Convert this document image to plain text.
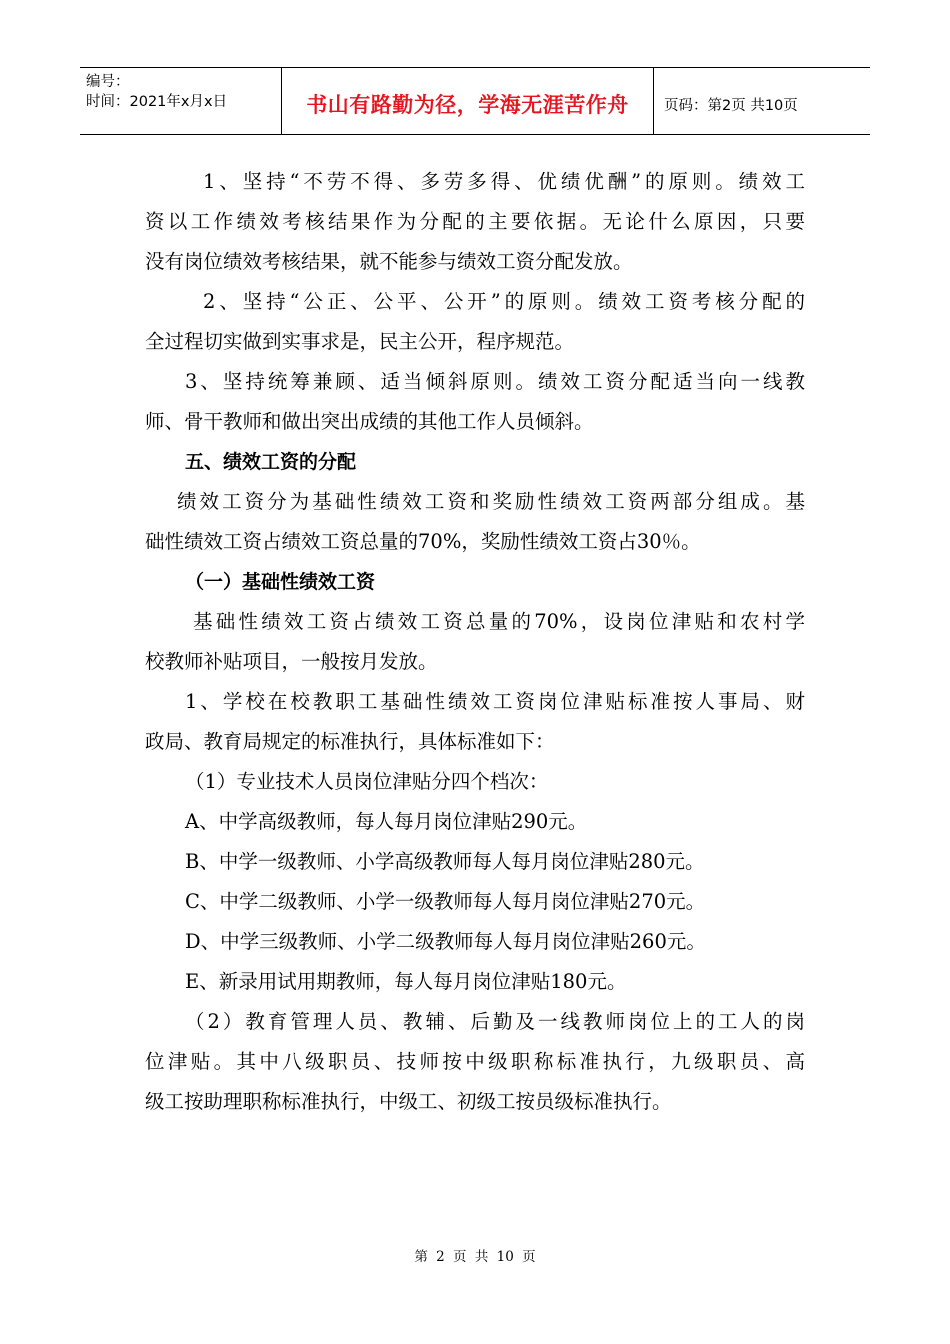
编号：
时间：2021年x月x日	书山有路勤为径，学海无涯苦作舟 页码：第2页 共10页
1、坚持“不劳不得、多劳多得、优绩优酬”的原则。绩效工
资以工作绩效考核结果作为分配的主要依据。无论什么原因，只要
没有岗位绩效考核结果，就不能参与绩效工资分配发放。
2、坚持“公正、公平、公开”的原则。绩效工资考核分配的
全过程切实做到实事求是，民主公开，程序规范。
3、坚持统筹兼顾、适当倾斜原则。绩效工资分配适当向一线教
师、骨干教师和做出突出成绩的其他工作人员倾斜。
五、绩效工资的分配
绩效工资分为基础性绩效工资和奖励性绩效工资两部分组成。基
础性绩效工资占绩效工资总量的70%，奖励性绩效工资占30％。
（一）基础性绩效工资
基础性绩效工资占绩效工资总量的70%，设岗位津贴和农村学
校教师补贴项目，一般按月发放。
1、学校在校教职工基础性绩效工资岗位津贴标准按人事局、财
政局、教育局规定的标准执行，具体标准如下：
（1）专业技术人员岗位津贴分四个档次：
A、中学高级教师，每人每月岗位津贴290元。
B、中学一级教师、小学高级教师每人每月岗位津贴280元。
C、中学二级教师、小学一级教师每人每月岗位津贴270元。
D、中学三级教师、小学二级教师每人每月岗位津贴260元。
E、新录用试用期教师，每人每月岗位津贴180元。
（2）教育管理人员、教辅、后勤及一线教师岗位上的工人的岗
位津贴。其中八级职员、技师按中级职称标准执行，九级职员、高
级工按助理职称标准执行，中级工、初级工按员级标准执行。
第 2 页 共 10 页
